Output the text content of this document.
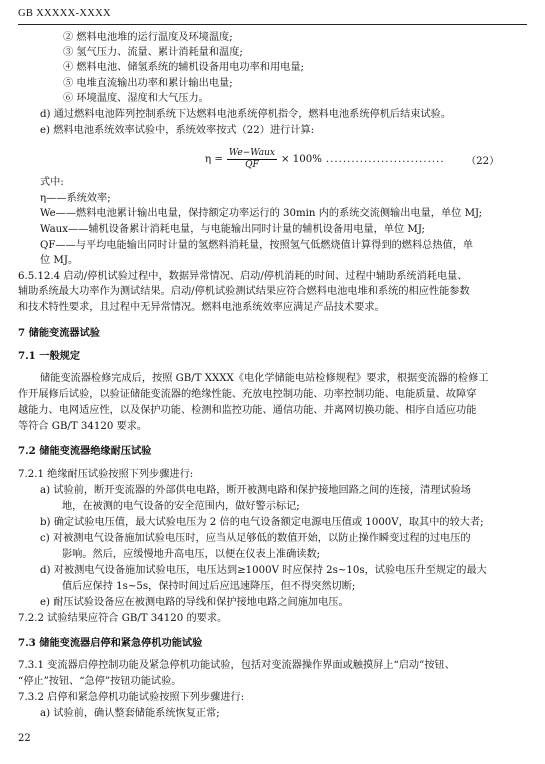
GB XXXXX-XXXX
② 燃料电池堆的运行温度及环境温度;
③ 氢气压力、流量、累计消耗量和温度;
④ 燃料电池、储氢系统的辅机设备用电功率和用电量;
⑤ 电堆直流输出功率和累计输出电量;
⑥ 环境温度、湿度和大气压力。
d) 通过燃料电池阵列控制系统下达燃料电池系统停机指令，燃料电池系统停机后结束试验。
e) 燃料电池系统效率试验中，系统效率按式（22）进行计算:
式中:
η——系统效率;
We——燃料电池累计输出电量，保持额定功率运行的 30min 内的系统交流侧输出电量，单位 MJ;
Waux——辅机设备累计消耗电量，与电能输出同时计量的辅机设备用电量，单位 MJ;
QF——与平均电能输出同时计量的氢燃料消耗量，按照氢气低燃烧值计算得到的燃料总热值，单
位 MJ。
6.5.12.4 启动/停机试验过程中，数据异常情况、启动/停机消耗的时间、过程中辅助系统消耗电量、
辅助系统最大功率作为测试结果。启动/停机试验测试结果应符合燃料电池电堆和系统的相应性能参数
和技术特性要求，且过程中无异常情况。燃料电池系统效率应满足产品技术要求。
7 储能变流器试验
7.1 一般规定
储能变流器检修完成后，按照 GB/T XXXX《电化学储能电站检修规程》要求，根据变流器的检修工
作开展修后试验，以验证储能变流器的绝缘性能、充放电控制功能、功率控制功能、电能质量、故障穿
越能力、电网适应性，以及保护功能、检测和监控功能、通信功能、并离网切换功能、相序自适应功能
等符合 GB/T 34120 要求。
7.2 储能变流器绝缘耐压试验
7.2.1 绝缘耐压试验按照下列步骤进行:
a) 试验前，断开变流器的外部供电电路，断开被测电路和保护接地回路之间的连接，清理试验场
地，在被测的电气设备的安全范围内，做好警示标记;
b) 确定试验电压值，最大试验电压为 2 倍的电气设备额定电源电压值或 1000V，取其中的较大者;
c) 对被测电气设备施加试验电压时，应当从足够低的数值开始，以防止操作瞬变过程的过电压的
影响。然后，应缓慢地升高电压，以便在仪表上准确读数;
d) 对被测电气设备施加试验电压，电压达到≥1000V 时应保持 2s~10s，试验电压升至规定的最大
值后应保持 1s~5s，保持时间过后应迅速降压，但不得突然切断;
e) 耐压试验设备应在被测电路的导线和保护接地电路之间施加电压。
7.2.2 试验结果应符合 GB/T 34120 的要求。
7.3 储能变流器启停和紧急停机功能试验
7.3.1 变流器启停控制功能及紧急停机功能试验，包括对变流器操作界面或触摸屏上“启动”按钮、
“停止”按钮、“急停”按钮功能试验。
7.3.2 启停和紧急停机功能试验按照下列步骤进行:
a) 试验前，确认整套储能系统恢复正常;
$\eta = \frac{\text{We−Waux}}{QF} \times 100\%$ ............................ （22）
22
